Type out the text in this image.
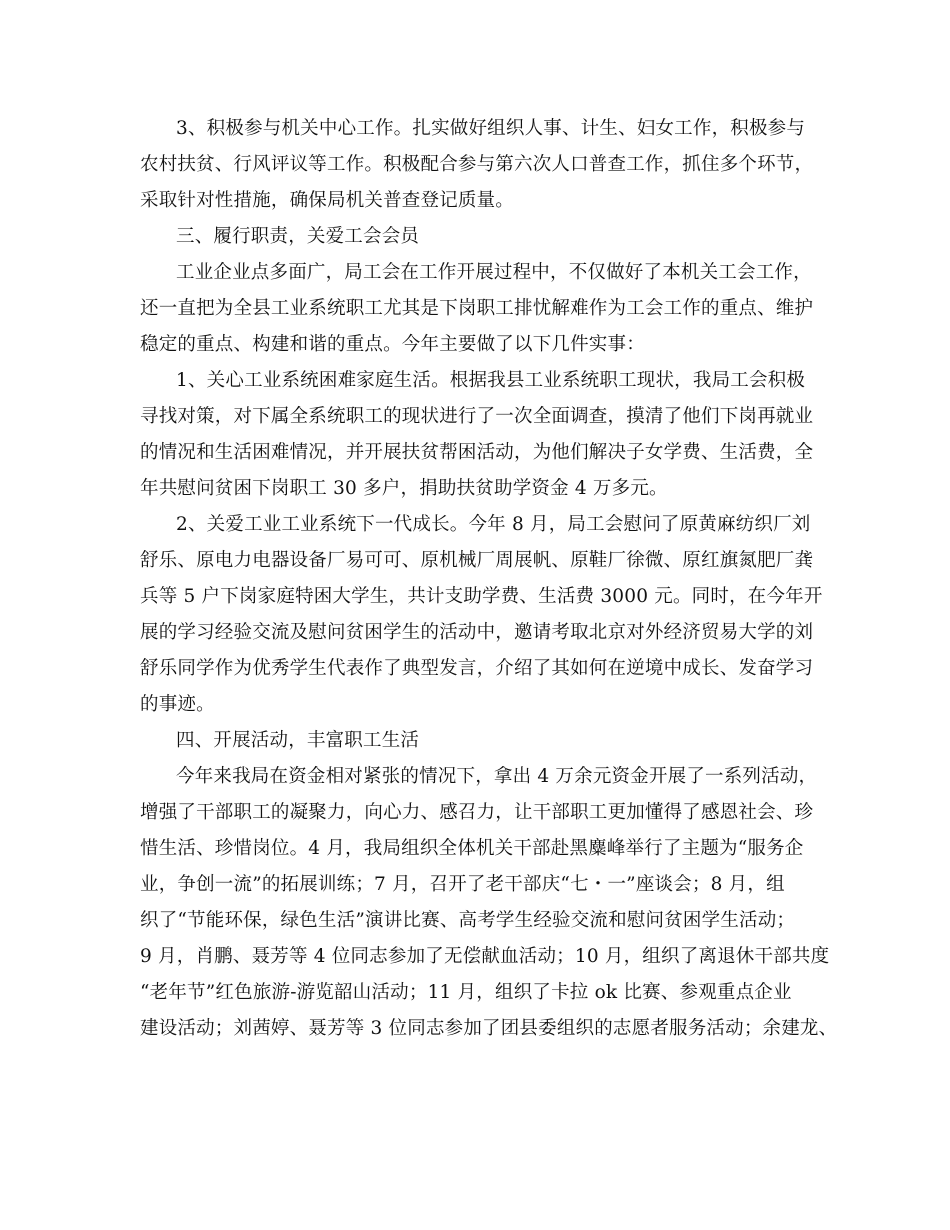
3、积极参与机关中心工作。扎实做好组织人事、计生、妇女工作，积极参与
农村扶贫、行风评议等工作。积极配合参与第六次人口普查工作，抓住多个环节，
采取针对性措施，确保局机关普查登记质量。
三、履行职责，关爱工会会员
工业企业点多面广，局工会在工作开展过程中，不仅做好了本机关工会工作，
还一直把为全县工业系统职工尤其是下岗职工排忧解难作为工会工作的重点、维护
稳定的重点、构建和谐的重点。今年主要做了以下几件实事：
1、关心工业系统困难家庭生活。根据我县工业系统职工现状，我局工会积极
寻找对策，对下属全系统职工的现状进行了一次全面调查，摸清了他们下岗再就业
的情况和生活困难情况，并开展扶贫帮困活动，为他们解决子女学费、生活费，全
年共慰问贫困下岗职工 30 多户，捐助扶贫助学资金 4 万多元。
2、关爱工业工业系统下一代成长。今年 8 月，局工会慰问了原黄麻纺织厂刘
舒乐、原电力电器设备厂易可可、原机械厂周展帆、原鞋厂徐微、原红旗氮肥厂龚
兵等 5 户下岗家庭特困大学生，共计支助学费、生活费 3000 元。同时，在今年开
展的学习经验交流及慰问贫困学生的活动中，邀请考取北京对外经济贸易大学的刘
舒乐同学作为优秀学生代表作了典型发言，介绍了其如何在逆境中成长、发奋学习
的事迹。
四、开展活动，丰富职工生活
今年来我局在资金相对紧张的情况下，拿出 4 万余元资金开展了一系列活动，
增强了干部职工的凝聚力，向心力、感召力，让干部职工更加懂得了感恩社会、珍
惜生活、珍惜岗位。4 月，我局组织全体机关干部赴黑麋峰举行了主题为“服务企
业，争创一流”的拓展训练；7 月，召开了老干部庆“七・一”座谈会；8 月，组
织了“节能环保，绿色生活”演讲比赛、高考学生经验交流和慰问贫困学生活动；
9 月，肖鹏、聂芳等 4 位同志参加了无偿献血活动；10 月，组织了离退休干部共度
“老年节”红色旅游-游览韶山活动；11 月，组织了卡拉 ok 比赛、参观重点企业
建设活动；刘茜婷、聂芳等 3 位同志参加了团县委组织的志愿者服务活动；余建龙、
